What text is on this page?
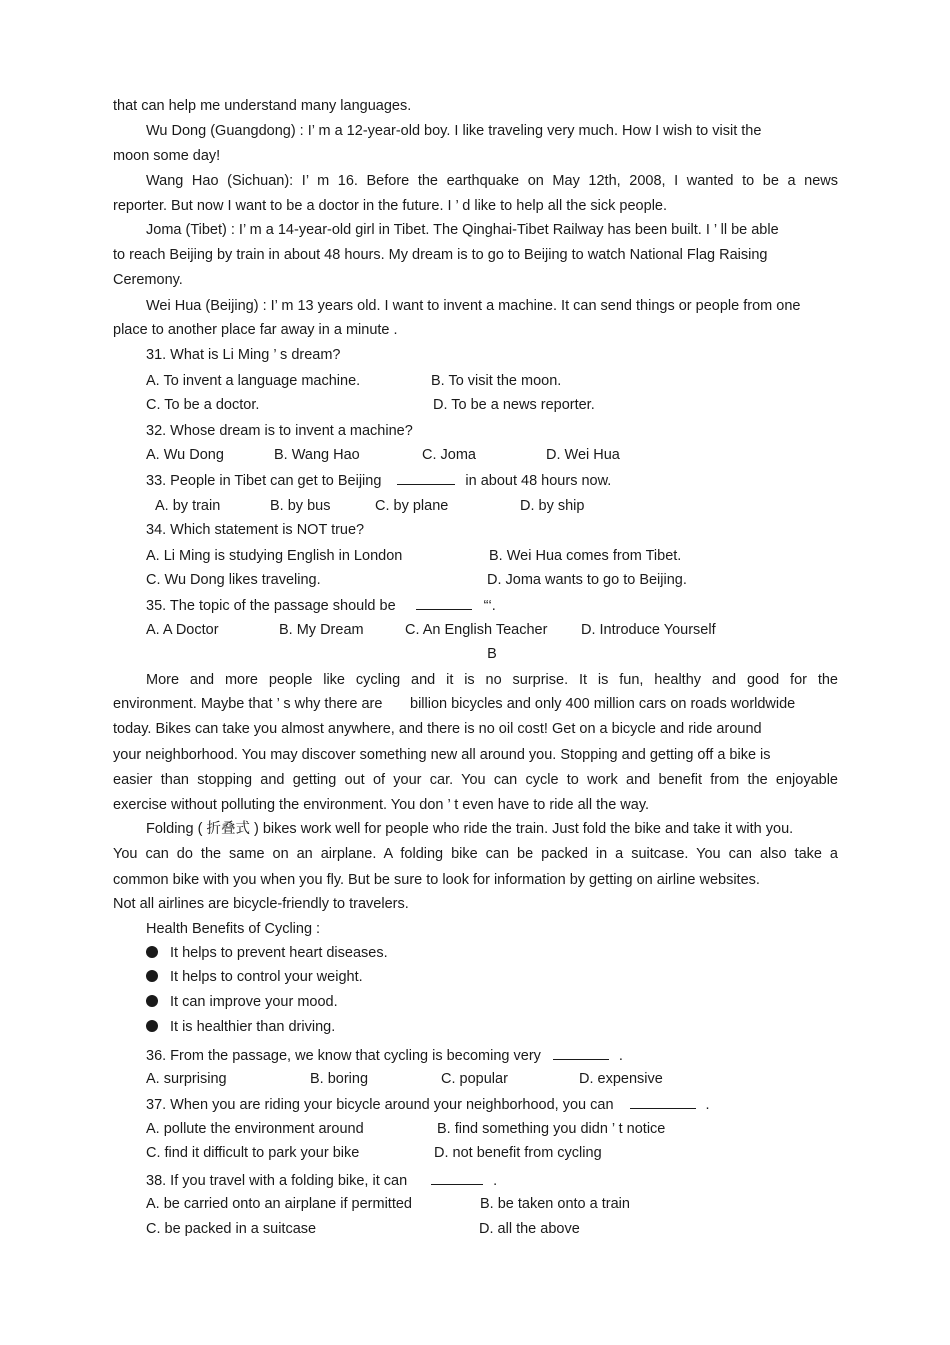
that can help me understand many languages.
Wu Dong (Guangdong) : I’ m a 12-year-old boy. I like traveling very much. How I wish to visit the
moon some day!
Wang Hao (Sichuan): I’ m 16. Before the earthquake on May 12th, 2008, I wanted to be a news
reporter. But now I want to be a doctor in the future. I ’ d like to help all the sick people.
Joma (Tibet) : I’ m a 14-year-old girl in Tibet. The Qinghai-Tibet Railway has been built. I ’ ll be able
to reach Beijing by train in about 48 hours. My dream is to go to Beijing to watch National Flag Raising
Ceremony.
Wei Hua (Beijing) : I’ m 13 years old. I want to invent a machine. It can send things or people from one
place to another place far away in a minute .
31. What is Li Ming ’ s dream?
A. To invent a language machine.	B. To visit the moon.
C. To be a doctor.	D. To be a news reporter.
32. Whose dream is to invent a machine?
A. Wu Dong	B. Wang Hao	C. Joma	D. Wei Hua
33. People in Tibet can get to Beijing	in about 48 hours now.
A. by train	B. by bus	C. by plane	D. by ship
34. Which statement is NOT true?
A. Li Ming is studying English in London	B. Wei Hua comes from Tibet.
C. Wu Dong likes traveling.	D. Joma wants to go to Beijing.
35. The topic of the passage should be	“‘.
A. A Doctor	B. My Dream	C. An English Teacher D. Introduce Yourself
B
More and more people like cycling and it is no surprise. It is fun, healthy and good for the
environment. Maybe that ’ s why there are billion bicycles and only 400 million cars on roads worldwide
today. Bikes can take you almost anywhere, and there is no oil cost! Get on a bicycle and ride around
your neighborhood. You may discover something new all around you. Stopping and getting off a bike is
easier than stopping and getting out of your car. You can cycle to work and benefit from the enjoyable
exercise without polluting the environment. You don ’ t even have to ride all the way.
Folding ( 折叠式 ) bikes work well for people who ride the train. Just fold the bike and take it with you.
You can do the same on an airplane. A folding bike can be packed in a suitcase. You can also take a
common bike with you when you fly. But be sure to look for information by getting on airline websites.
Not all airlines are bicycle-friendly to travelers.
Health Benefits of Cycling :
It helps to prevent heart diseases.
It helps to control your weight.
It can improve your mood.
It is healthier than driving.
36. From the passage, we know that cycling is becoming very	.
A. surprising	B. boring	C. popular	D. expensive
37. When you are riding your bicycle around your neighborhood, you can	.
A. pollute the environment around	B. find something you didn ’ t notice
C. find it difficult to park your bike	D. not benefit from cycling
38. If you travel with a folding bike, it can	.
A. be carried onto an airplane if permitted	B. be taken onto a train
C. be packed in a suitcase	D. all the above
